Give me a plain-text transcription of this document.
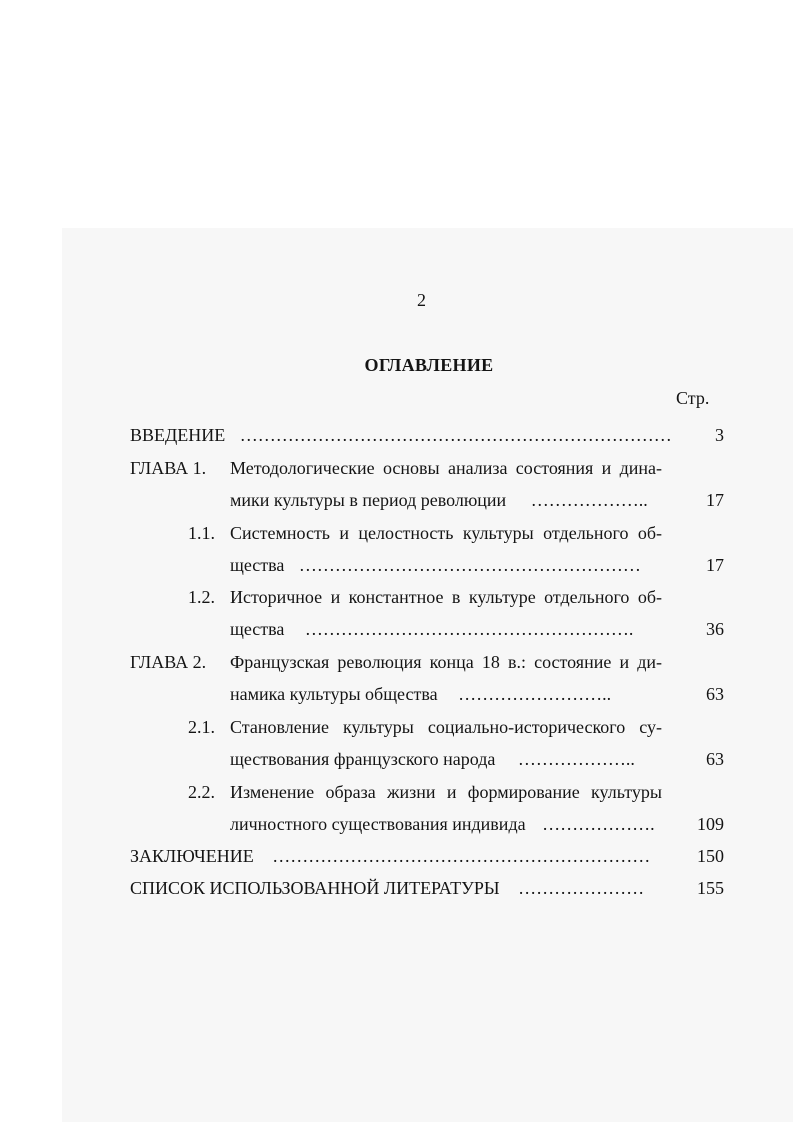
2
ОГЛАВЛЕНИЕ
Стр.
ВВЕДЕНИЕ ………………………………………………………………	3
ГЛАВА 1. Методологические основы анализа состояния и дина-
мики культуры в период революции ………………..	17
1.1. Системность и целостность культуры отдельного об-
щества …………………………………………………	17
1.2. Историчное и константное в культуре отдельного об-
щества ……………………………………………….	36
ГЛАВА 2. Французская революция конца 18 в.: состояние и ди-
намика культуры общества ……………………..	63
2.1. Становление культуры социально-исторического су-
ществования французского народа ………………..	63
2.2. Изменение образа жизни и формирование культуры
личностного существования индивида ……………….	109
ЗАКЛЮЧЕНИЕ ………………………………………………………	150
СПИСОК ИСПОЛЬЗОВАННОЙ ЛИТЕРАТУРЫ …………………	155
